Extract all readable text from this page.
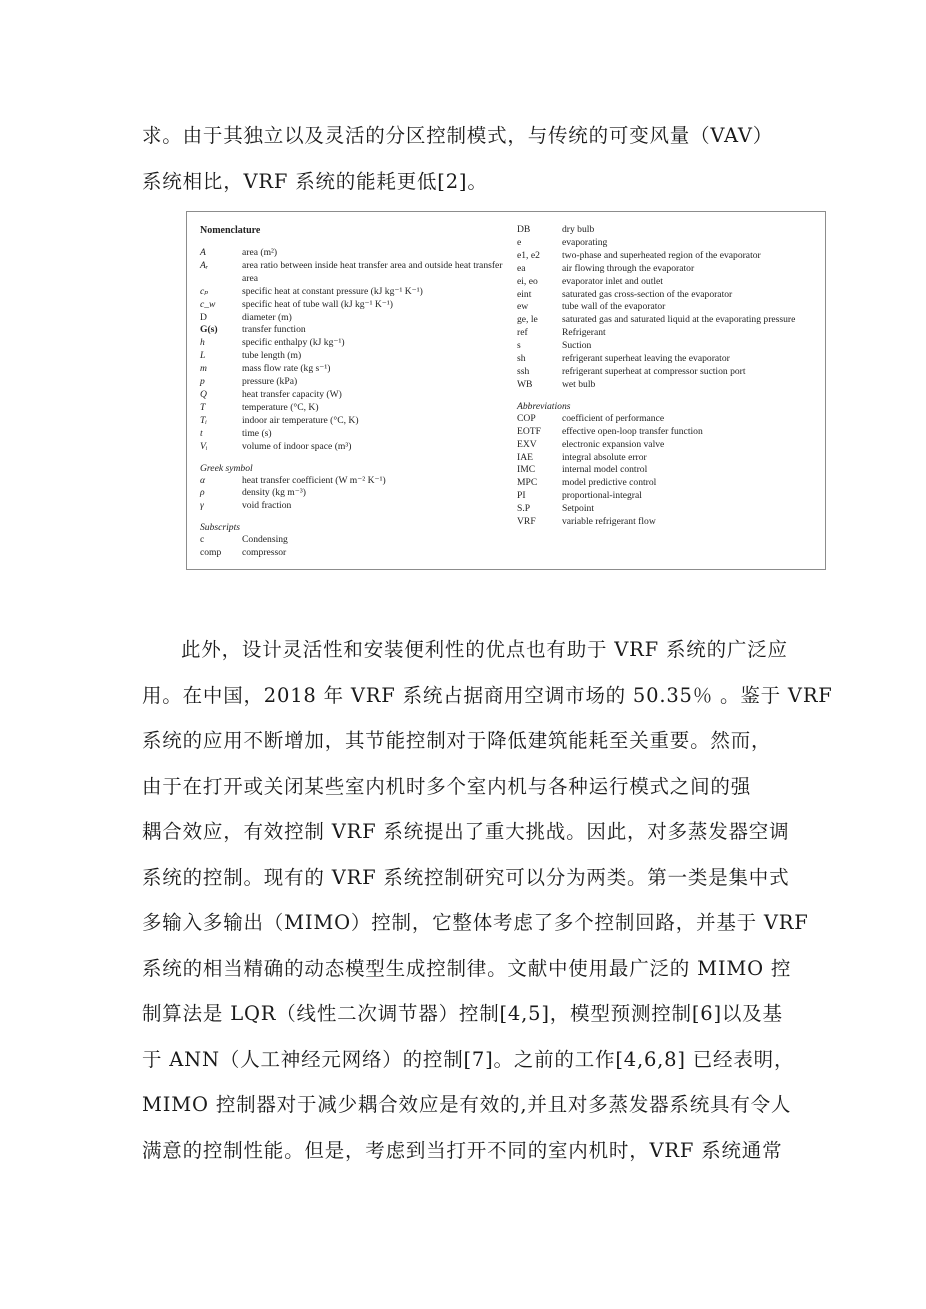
求。由于其独立以及灵活的分区控制模式，与传统的可变风量（VAV）
系统相比，VRF 系统的能耗更低[2]。
Nomenclature
A	area (m²)
Aᵣ	area ratio between inside heat transfer area and outside heat transfer area
cₚ	specific heat at constant pressure (kJ kg⁻¹ K⁻¹)
c_w	specific heat of tube wall (kJ kg⁻¹ K⁻¹)
D	diameter (m)
G(s)	transfer function
h	specific enthalpy (kJ kg⁻¹)
L	tube length (m)
m	mass flow rate (kg s⁻¹)
p	pressure (kPa)
Q	heat transfer capacity (W)
T	temperature (°C, K)
Tᵢ	indoor air temperature (°C, K)
t	time (s)
Vᵢ	volume of indoor space (m³)
Greek symbol
α	heat transfer coefficient (W m⁻² K⁻¹)
ρ	density (kg m⁻³)
γ	void fraction
Subscripts
c	Condensing
comp	compressor
DB	dry bulb
e	evaporating
e1, e2	two-phase and superheated region of the evaporator
ea	air flowing through the evaporator
ei, eo	evaporator inlet and outlet
eint	saturated gas cross-section of the evaporator
ew	tube wall of the evaporator
ge, le	saturated gas and saturated liquid at the evaporating pressure
ref	Refrigerant
s	Suction
sh	refrigerant superheat leaving the evaporator
ssh	refrigerant superheat at compressor suction port
WB	wet bulb
Abbreviations
COP	coefficient of performance
EOTF	effective open-loop transfer function
EXV	electronic expansion valve
IAE	integral absolute error
IMC	internal model control
MPC	model predictive control
PI	proportional-integral
S.P	Setpoint
VRF	variable refrigerant flow
此外，设计灵活性和安装便利性的优点也有助于 VRF 系统的广泛应
用。在中国，2018 年 VRF 系统占据商用空调市场的 50.35％ 。鉴于 VRF
系统的应用不断增加，其节能控制对于降低建筑能耗至关重要。然而，
由于在打开或关闭某些室内机时多个室内机与各种运行模式之间的强
耦合效应，有效控制 VRF 系统提出了重大挑战。因此，对多蒸发器空调
系统的控制。现有的 VRF 系统控制研究可以分为两类。第一类是集中式
多输入多输出（MIMO）控制，它整体考虑了多个控制回路，并基于 VRF
系统的相当精确的动态模型生成控制律。文献中使用最广泛的 MIMO 控
制算法是 LQR（线性二次调节器）控制[4,5]，模型预测控制[6]以及基
于 ANN（人工神经元网络）的控制[7]。之前的工作[4,6,8] 已经表明，
MIMO 控制器对于减少耦合效应是有效的,并且对多蒸发器系统具有令人
满意的控制性能。但是，考虑到当打开不同的室内机时，VRF 系统通常
